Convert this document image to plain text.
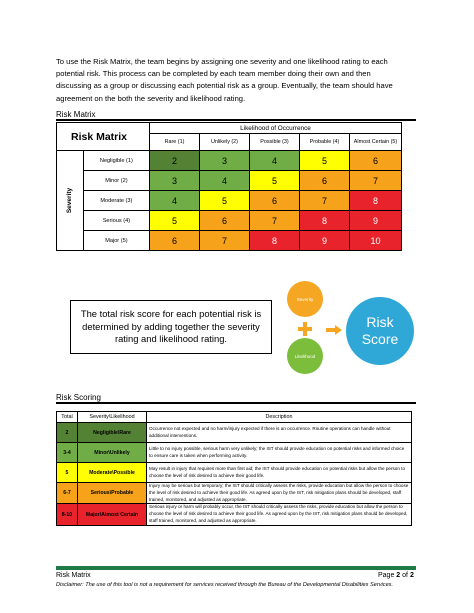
To use the Risk Matrix, the team begins by assigning one severity and one likelihood rating to each potential risk. This process can be completed by each team member doing their own and then discussing as a group or discussing each potential risk as a group. Eventually, the team should have agreement on the both the severity and likelihood rating.
Risk Matrix
Risk Matrix		Likelihood of Occurrence				
		Rare (1)	Unlikely (2)	Possible (3)	Probable (4)	Almost Certain (5)
Severity	Negligible (1)	2	3	4	5	6
	Minor (2)	3	4	5	6	7
	Moderate (3)	4	5	6	7	8
	Serious (4)	5	6	7	8	9
	Major (5)	6	7	8	9	10
The total risk score for each potential risk is determined by adding together the severity rating and likelihood rating.
Severity
Likelihood
Risk
Score
Risk Scoring
Total	Severity\Likelihood	Description
2	Negligible\Rare	Occurrence not expected and no harm/injury expected if there is an occurrence. Routine operations can handle without additional interventions.
3-4	Minor\Unlikely	Little to no injury possible, serious harm very unlikely; the IST should provide education on potential risks and informed choice to ensure care is taken when performing activity.
5	Moderate\Possible	May result in injury that requires more than first aid; the IST should provide education on potential risks but allow the person to choose the level of risk desired to achieve their good life.
6-7	Serious\Probable	Injury may be serious but temporary; the IST should critically assess the risks, provide education but allow the person to choose the level of risk desired to achieve their good life. As agreed upon by the IST, risk mitigation plans should be developed, staff trained, monitored, and adjusted as appropriate.
8-10	Major\Almost Certain	Serious injury or harm will probably occur, the IST should critically assess the risks, provide education but allow the person to choose the level of risk desired to achieve their good life. As agreed upon by the IST, risk mitigation plans should be developed, staff trained, monitored, and adjusted as appropriate.
Risk Matrix	Page 2 of 2
Disclaimer: The use of this tool is not a requirement for services received through the Bureau of the Developmental Disabilities Services.
